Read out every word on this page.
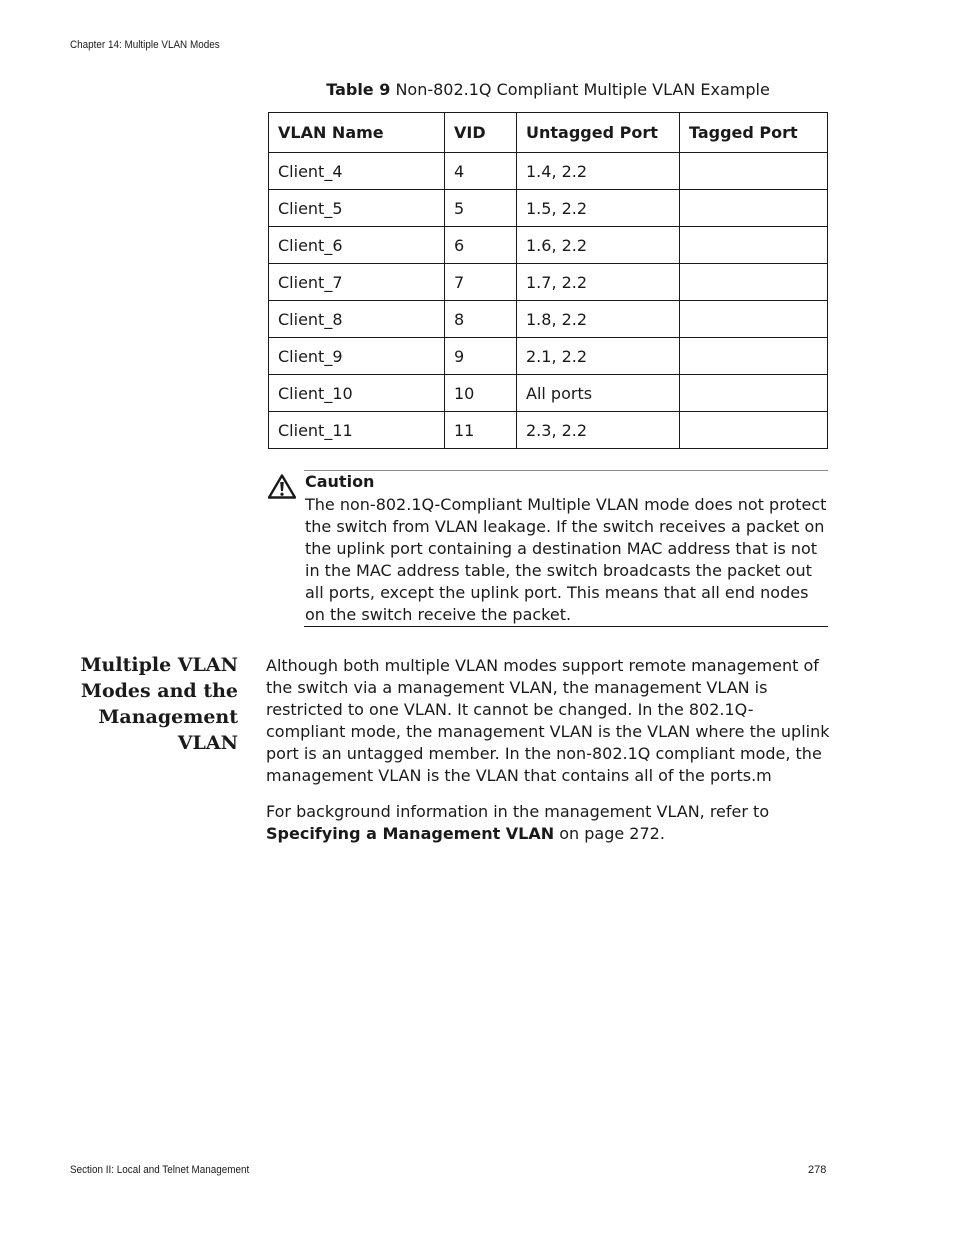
Chapter 14: Multiple VLAN Modes
Table 9 Non-802.1Q Compliant Multiple VLAN Example
VLAN Name	VID	Untagged Port	Tagged Port
Client_4	4	1.4, 2.2	
Client_5	5	1.5, 2.2	
Client_6	6	1.6, 2.2	
Client_7	7	1.7, 2.2	
Client_8	8	1.8, 2.2	
Client_9	9	2.1, 2.2	
Client_10	10	All ports	
Client_11	11	2.3, 2.2	
Caution

The non-802.1Q-Compliant Multiple VLAN mode does not protect the switch from VLAN leakage. If the switch receives a packet on the uplink port containing a destination MAC address that is not in the MAC address table, the switch broadcasts the packet out all ports, except the uplink port. This means that all end nodes on the switch receive the packet.

Multiple VLAN
Modes and the
Management
VLAN

Although both multiple VLAN modes support remote management of the switch via a management VLAN, the management VLAN is restricted to one VLAN. It cannot be changed. In the 802.1Q-compliant mode, the management VLAN is the VLAN where the uplink port is an untagged member. In the non-802.1Q compliant mode, the management VLAN is the VLAN that contains all of the ports.m

For background information in the management VLAN, refer to Specifying a Management VLAN on page 272.

Section II: Local and Telnet Management	278
